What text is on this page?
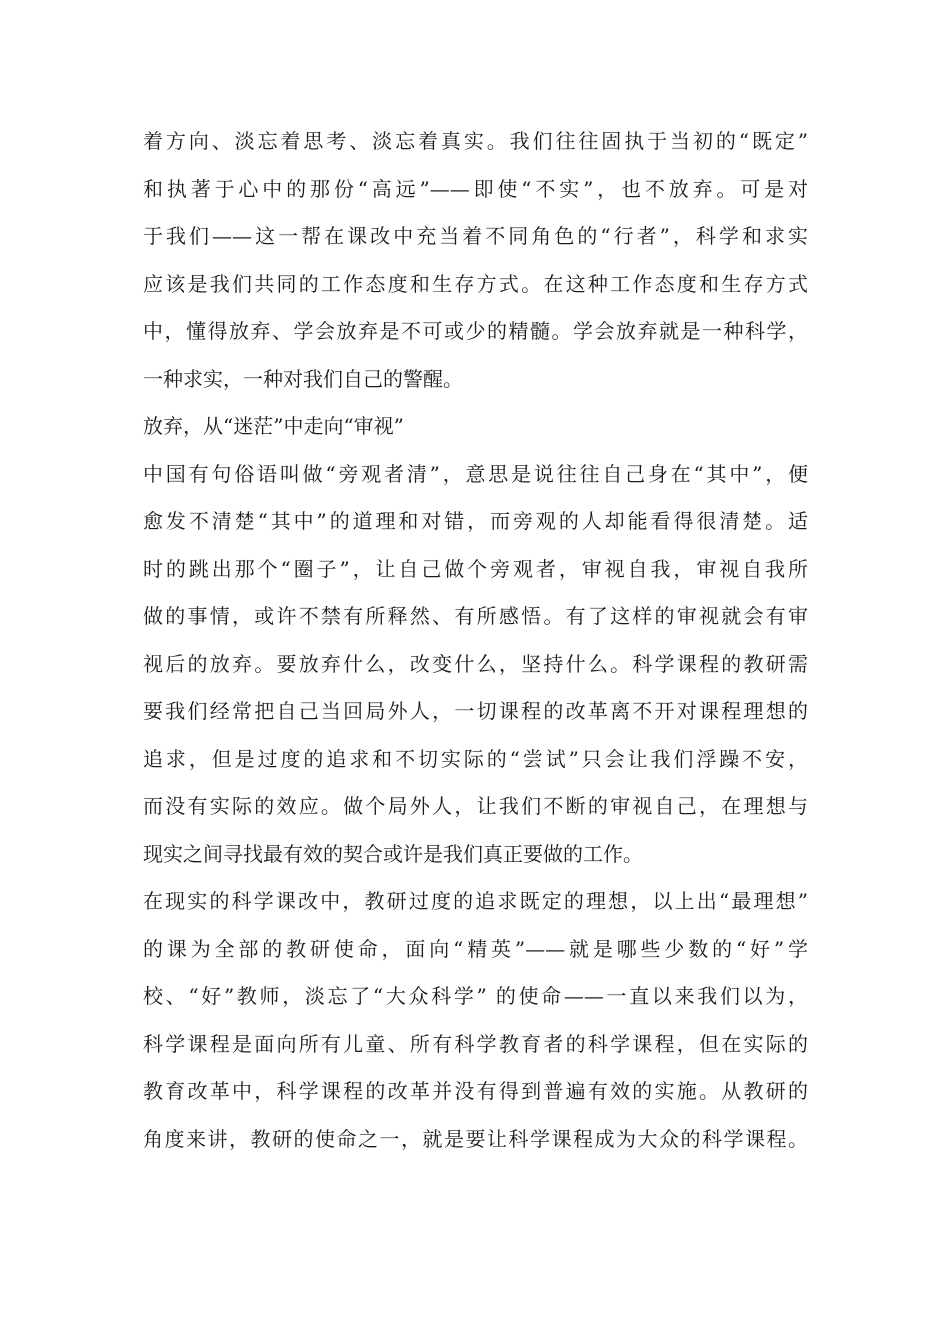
着方向、淡忘着思考、淡忘着真实。我们往往固执于当初的“既定”
和执著于心中的那份“高远”——即使“不实”，也不放弃。可是对
于我们——这一帮在课改中充当着不同角色的“行者”，科学和求实
应该是我们共同的工作态度和生存方式。在这种工作态度和生存方式
中，懂得放弃、学会放弃是不可或少的精髓。学会放弃就是一种科学，
一种求实，一种对我们自己的警醒。
放弃，从“迷茫”中走向“审视”
中国有句俗语叫做“旁观者清”，意思是说往往自己身在“其中”，便
愈发不清楚“其中”的道理和对错，而旁观的人却能看得很清楚。适
时的跳出那个“圈子”，让自己做个旁观者，审视自我，审视自我所
做的事情，或许不禁有所释然、有所感悟。有了这样的审视就会有审
视后的放弃。要放弃什么，改变什么，坚持什么。科学课程的教研需
要我们经常把自己当回局外人，一切课程的改革离不开对课程理想的
追求，但是过度的追求和不切实际的“尝试”只会让我们浮躁不安，
而没有实际的效应。做个局外人，让我们不断的审视自己，在理想与
现实之间寻找最有效的契合或许是我们真正要做的工作。
在现实的科学课改中，教研过度的追求既定的理想，以上出“最理想”
的课为全部的教研使命，面向“精英”——就是哪些少数的“好”学
校、“好”教师，淡忘了“大众科学” 的使命——一直以来我们以为，
科学课程是面向所有儿童、所有科学教育者的科学课程，但在实际的
教育改革中，科学课程的改革并没有得到普遍有效的实施。从教研的
角度来讲，教研的使命之一，就是要让科学课程成为大众的科学课程。
